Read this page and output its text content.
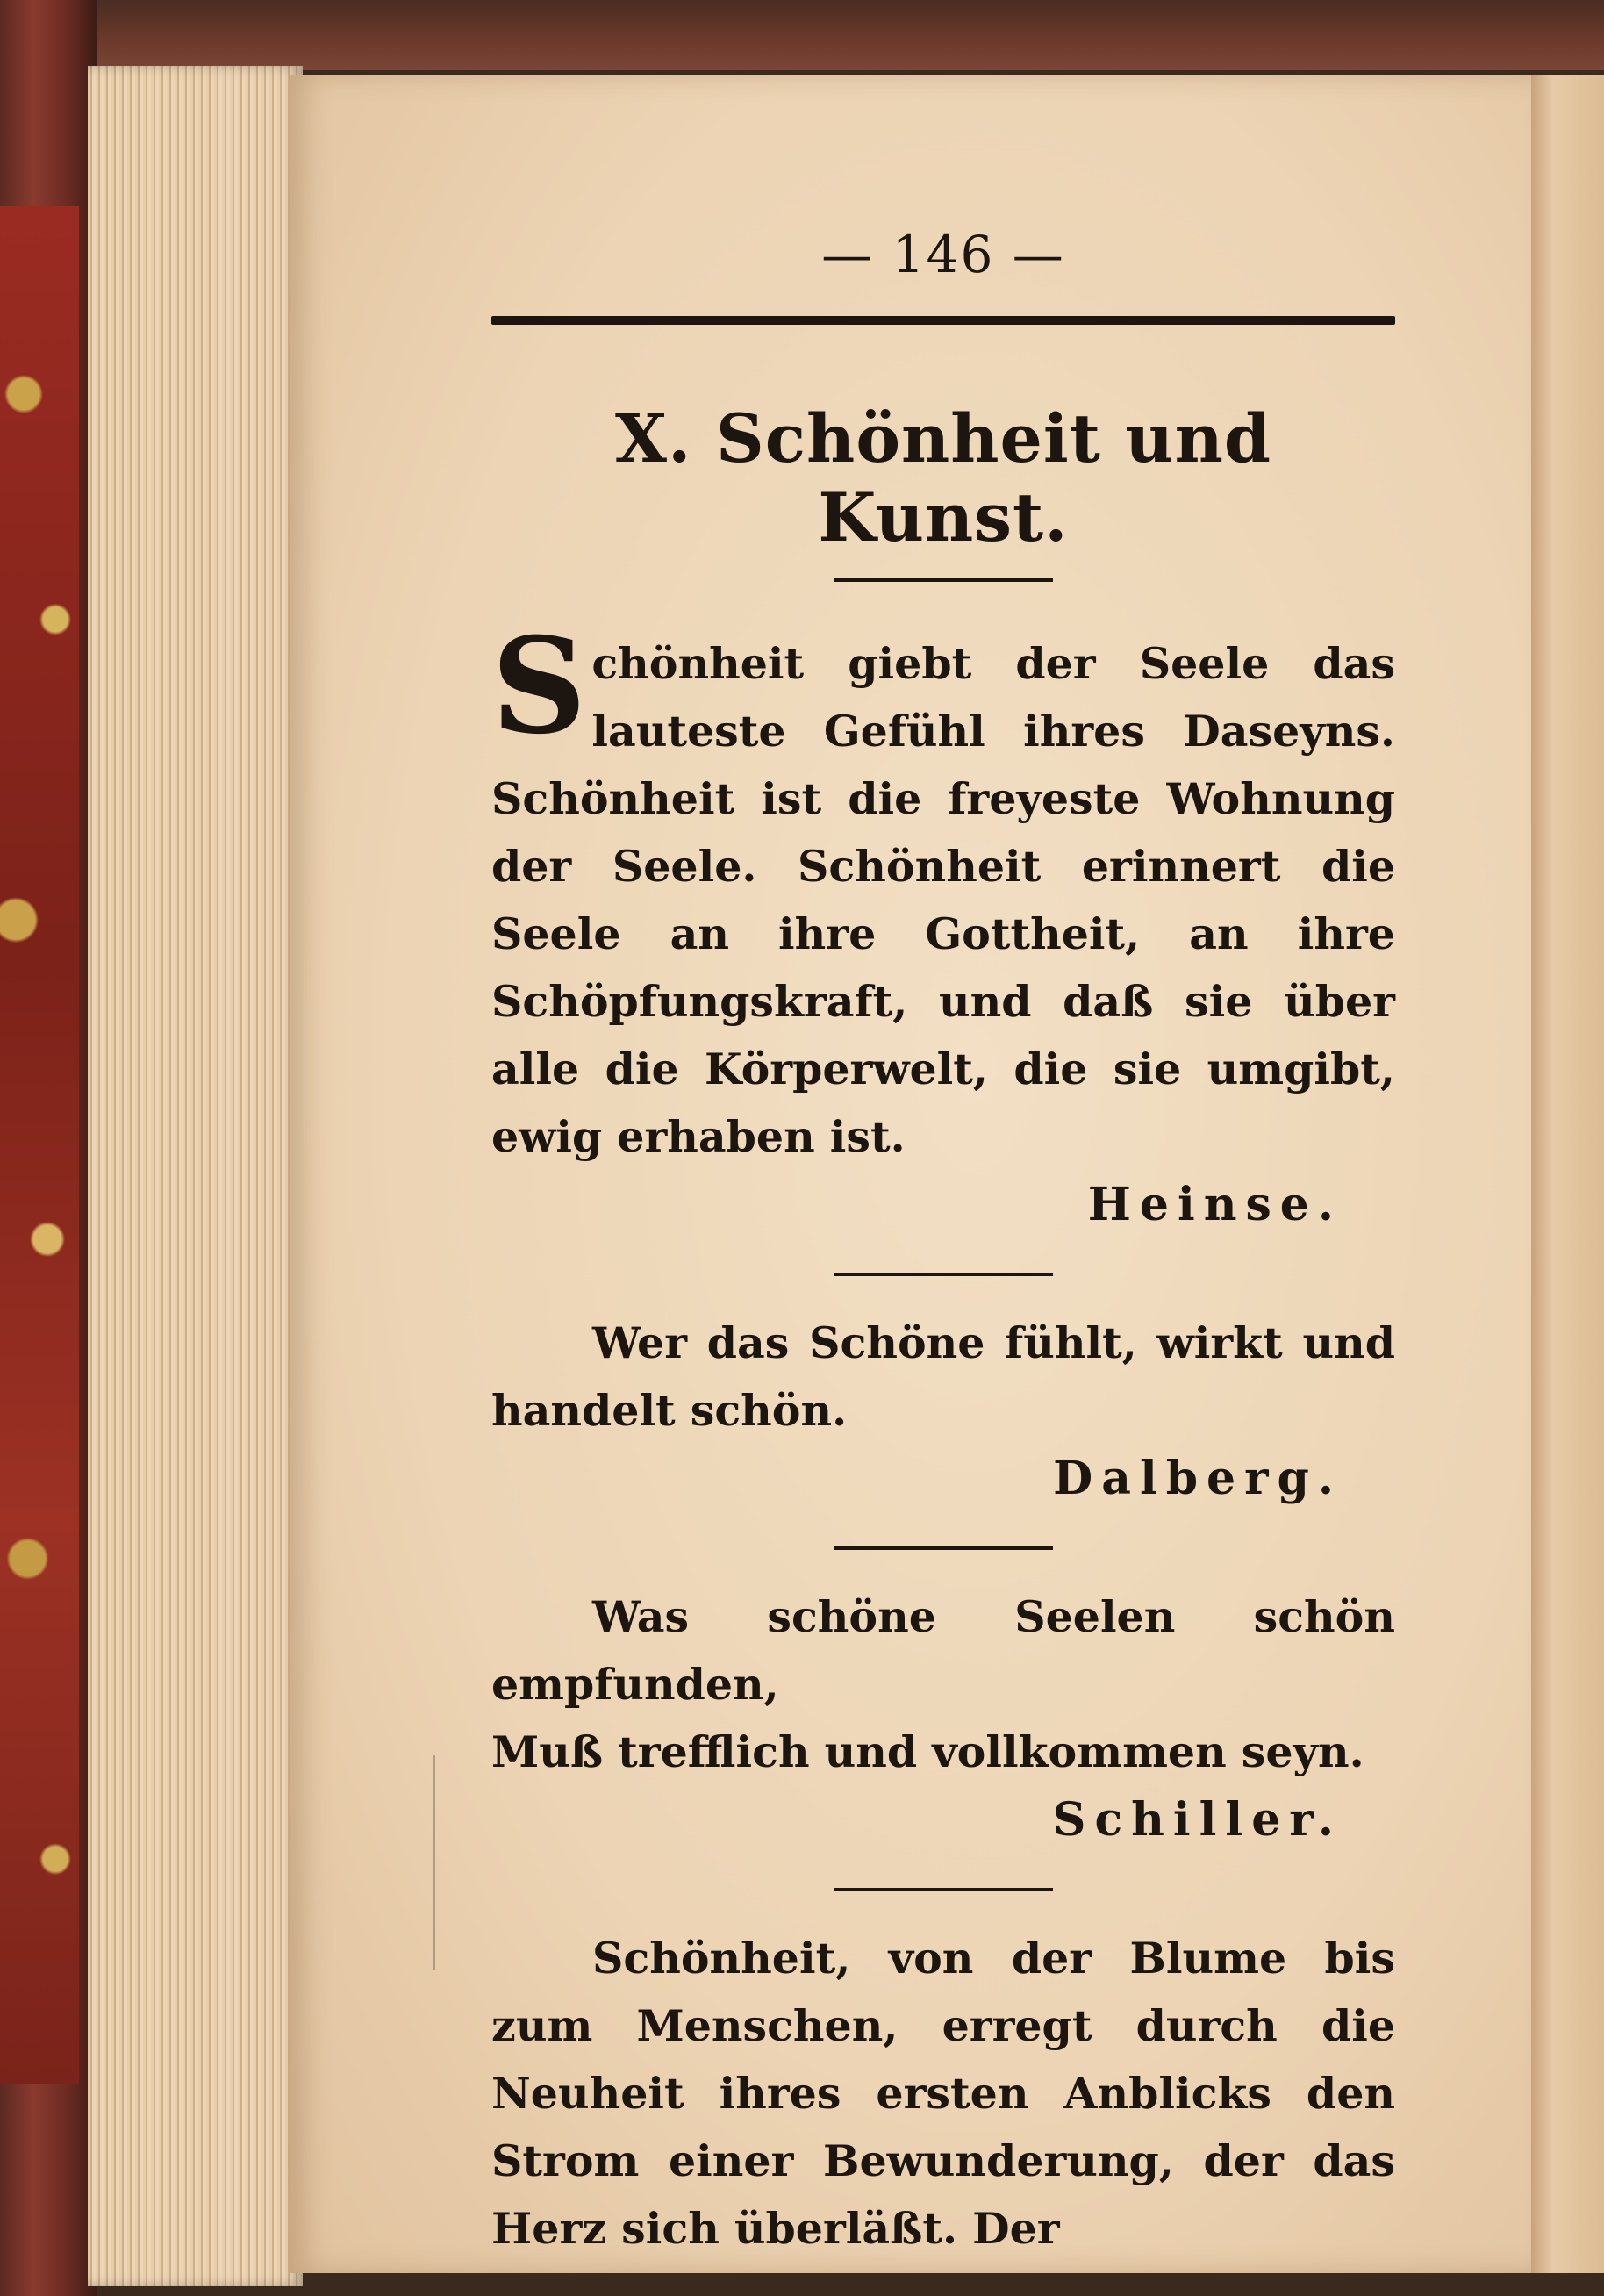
— 146 —
X. Schönheit und Kunst.
Schönheit giebt der Seele das lauteste Gefühl ihres Daseyns. Schönheit ist die freyeste Wohnung der Seele. Schönheit erinnert die Seele an ihre Gottheit, an ihre Schöpfungskraft, und daß sie über alle die Körperwelt, die sie umgibt, ewig erhaben ist.
Heinse.
Wer das Schöne fühlt, wirkt und handelt schön.
Dalberg.
Was schöne Seelen schön empfunden,
Muß trefflich und vollkommen seyn.
Schiller.
Schönheit, von der Blume bis zum Menschen, erregt durch die Neuheit ihres ersten Anblicks den Strom einer Bewunderung, der das Herz sich überläßt. Der
